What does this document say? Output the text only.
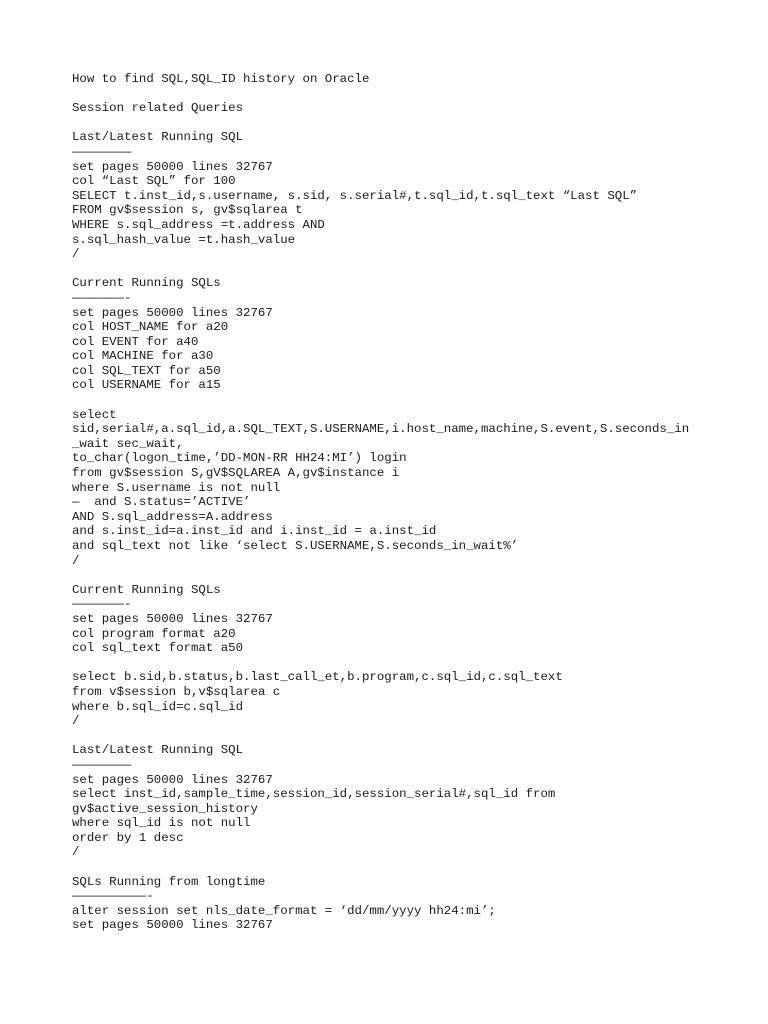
How to find SQL,SQL_ID history on Oracle
Session related Queries
Last/Latest Running SQL
————————
set pages 50000 lines 32767
col “Last SQL” for 100
SELECT t.inst_id,s.username, s.sid, s.serial#,t.sql_id,t.sql_text “Last SQL”
FROM gv$session s, gv$sqlarea t
WHERE s.sql_address =t.address AND
s.sql_hash_value =t.hash_value
/
Current Running SQLs
———————-
set pages 50000 lines 32767
col HOST_NAME for a20
col EVENT for a40
col MACHINE for a30
col SQL_TEXT for a50
col USERNAME for a15
select
sid,serial#,a.sql_id,a.SQL_TEXT,S.USERNAME,i.host_name,machine,S.event,S.seconds_in
_wait sec_wait,
to_char(logon_time,’DD-MON-RR HH24:MI’) login
from gv$session S,gV$SQLAREA A,gv$instance i
where S.username is not null
—  and S.status=’ACTIVE’
AND S.sql_address=A.address
and s.inst_id=a.inst_id and i.inst_id = a.inst_id
and sql_text not like ‘select S.USERNAME,S.seconds_in_wait%’
/
Current Running SQLs
———————-
set pages 50000 lines 32767
col program format a20
col sql_text format a50
select b.sid,b.status,b.last_call_et,b.program,c.sql_id,c.sql_text
from v$session b,v$sqlarea c
where b.sql_id=c.sql_id
/
Last/Latest Running SQL
————————
set pages 50000 lines 32767
select inst_id,sample_time,session_id,session_serial#,sql_id from
gv$active_session_history
where sql_id is not null
order by 1 desc
/
SQLs Running from longtime
——————————-
alter session set nls_date_format = ‘dd/mm/yyyy hh24:mi’;
set pages 50000 lines 32767
